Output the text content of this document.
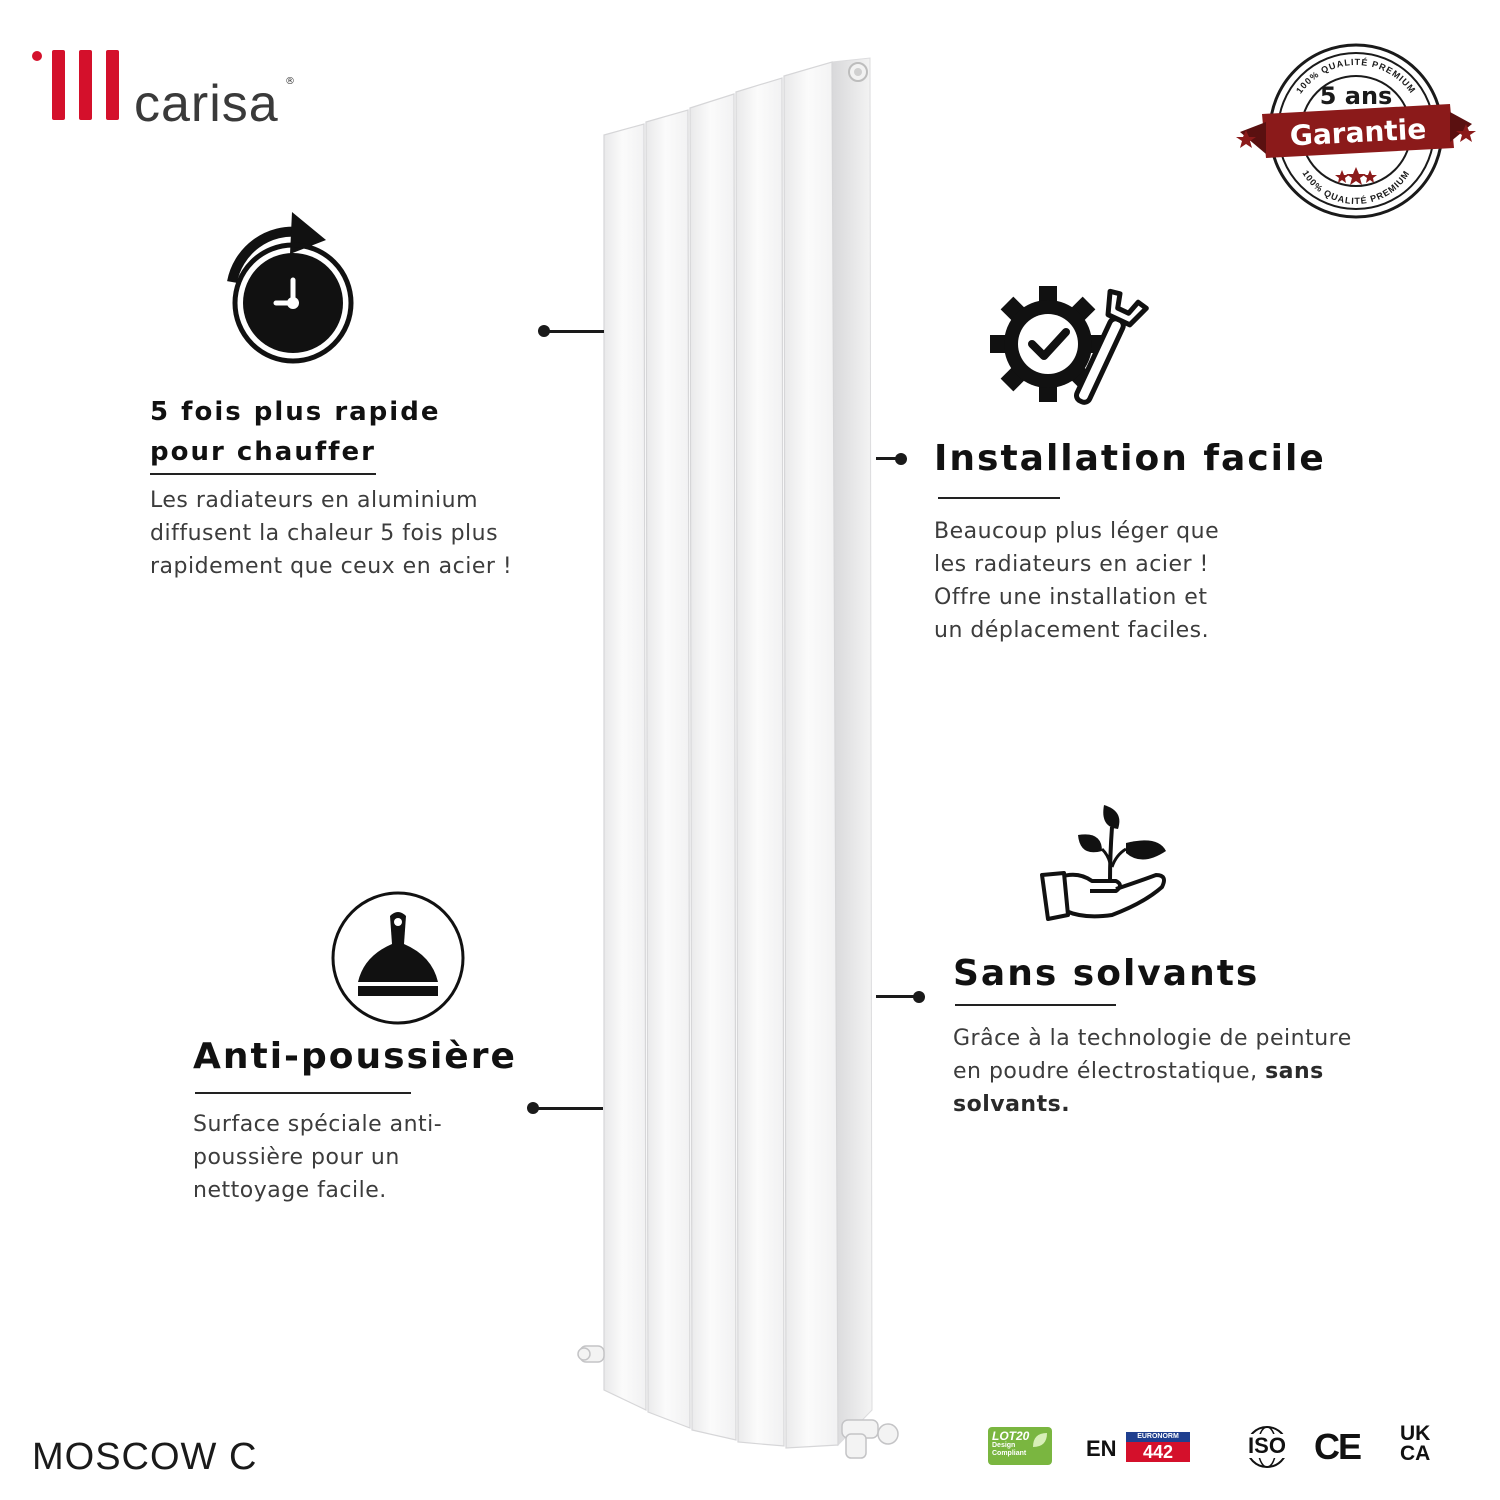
carisa ®
100% QUALITÉ PREMIUM
100% QUALITÉ PREMIUM
5 ans
Garantie
5 fois plus rapide
pour chauffer
Les radiateurs en aluminium diffusent la chaleur 5 fois plus rapidement que ceux en acier !
Installation facile
Beaucoup plus léger que les radiateurs en acier ! Offre une installation et un déplacement faciles.
Anti-poussière
Surface spéciale anti-poussière pour un nettoyage facile.
Sans solvants
Grâce à la technologie de peinture en poudre électrostatique, sans solvants.
MOSCOW C	LOT20
Design
Compliant	EN	EURONORM
442	ISO CE UK
CA
